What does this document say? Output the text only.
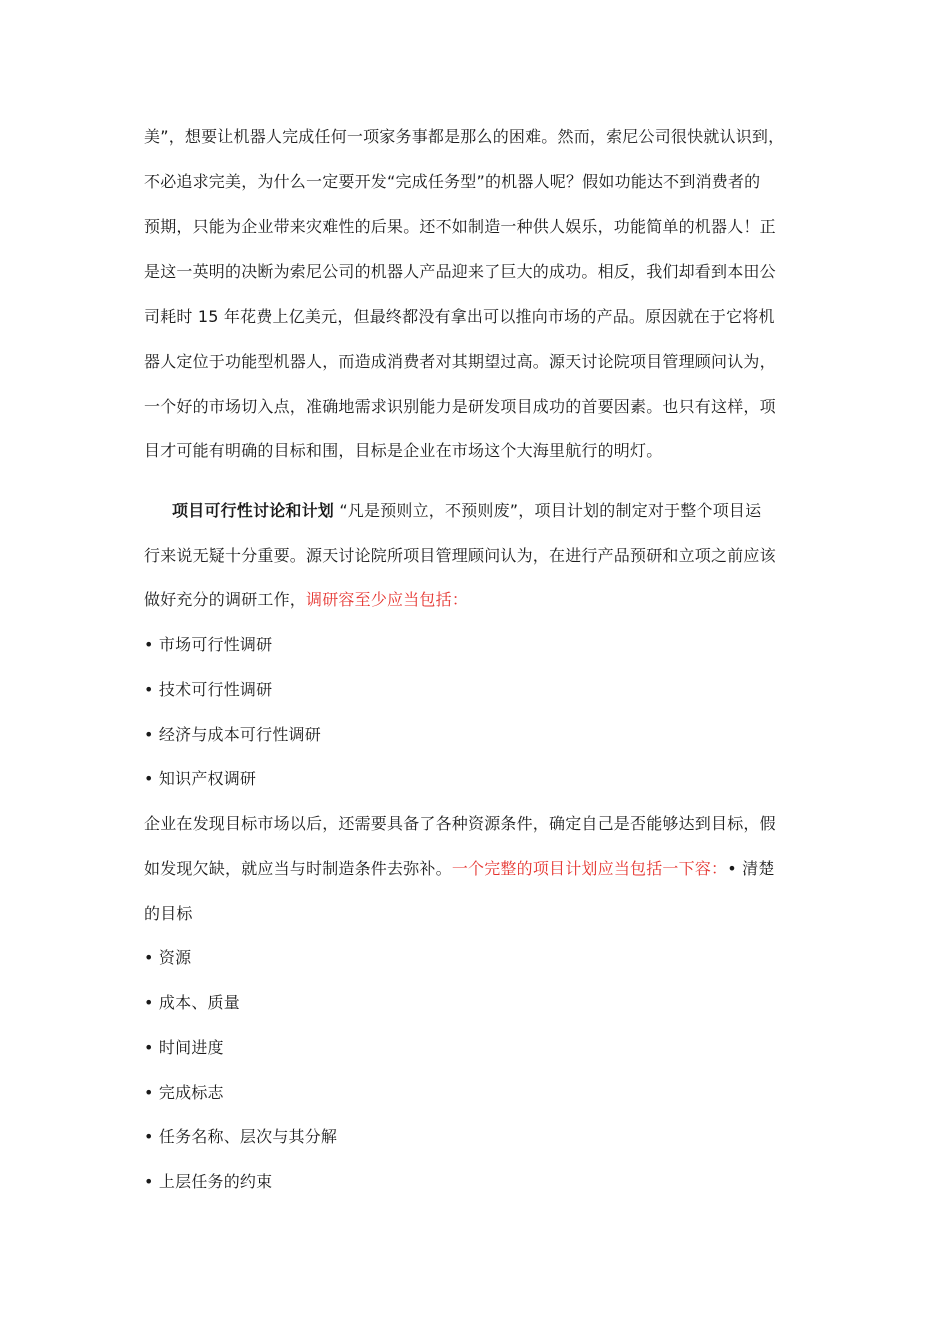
美”，想要让机器人完成任何一项家务事都是那么的困难。然而，索尼公司很快就认识到，
不必追求完美，为什么一定要开发“完成任务型”的机器人呢？假如功能达不到消费者的
预期，只能为企业带来灾难性的后果。还不如制造一种供人娱乐，功能简单的机器人！正
是这一英明的决断为索尼公司的机器人产品迎来了巨大的成功。相反，我们却看到本田公
司耗时 15 年花费上亿美元，但最终都没有拿出可以推向市场的产品。原因就在于它将机
器人定位于功能型机器人，而造成消费者对其期望过高。源天讨论院项目管理顾问认为，
一个好的市场切入点，准确地需求识别能力是研发项目成功的首要因素。也只有这样，项
目才可能有明确的目标和围，目标是企业在市场这个大海里航行的明灯。
项目可行性讨论和计划 “凡是预则立，不预则废”，项目计划的制定对于整个项目运
行来说无疑十分重要。源天讨论院所项目管理顾问认为，在进行产品预研和立项之前应该
做好充分的调研工作，调研容至少应当包括：
• 市场可行性调研
• 技术可行性调研
• 经济与成本可行性调研
• 知识产权调研
企业在发现目标市场以后，还需要具备了各种资源条件，确定自己是否能够达到目标，假
如发现欠缺，就应当与时制造条件去弥补。一个完整的项目计划应当包括一下容：• 清楚
的目标
• 资源
• 成本、质量
• 时间进度
• 完成标志
• 任务名称、层次与其分解
• 上层任务的约束
